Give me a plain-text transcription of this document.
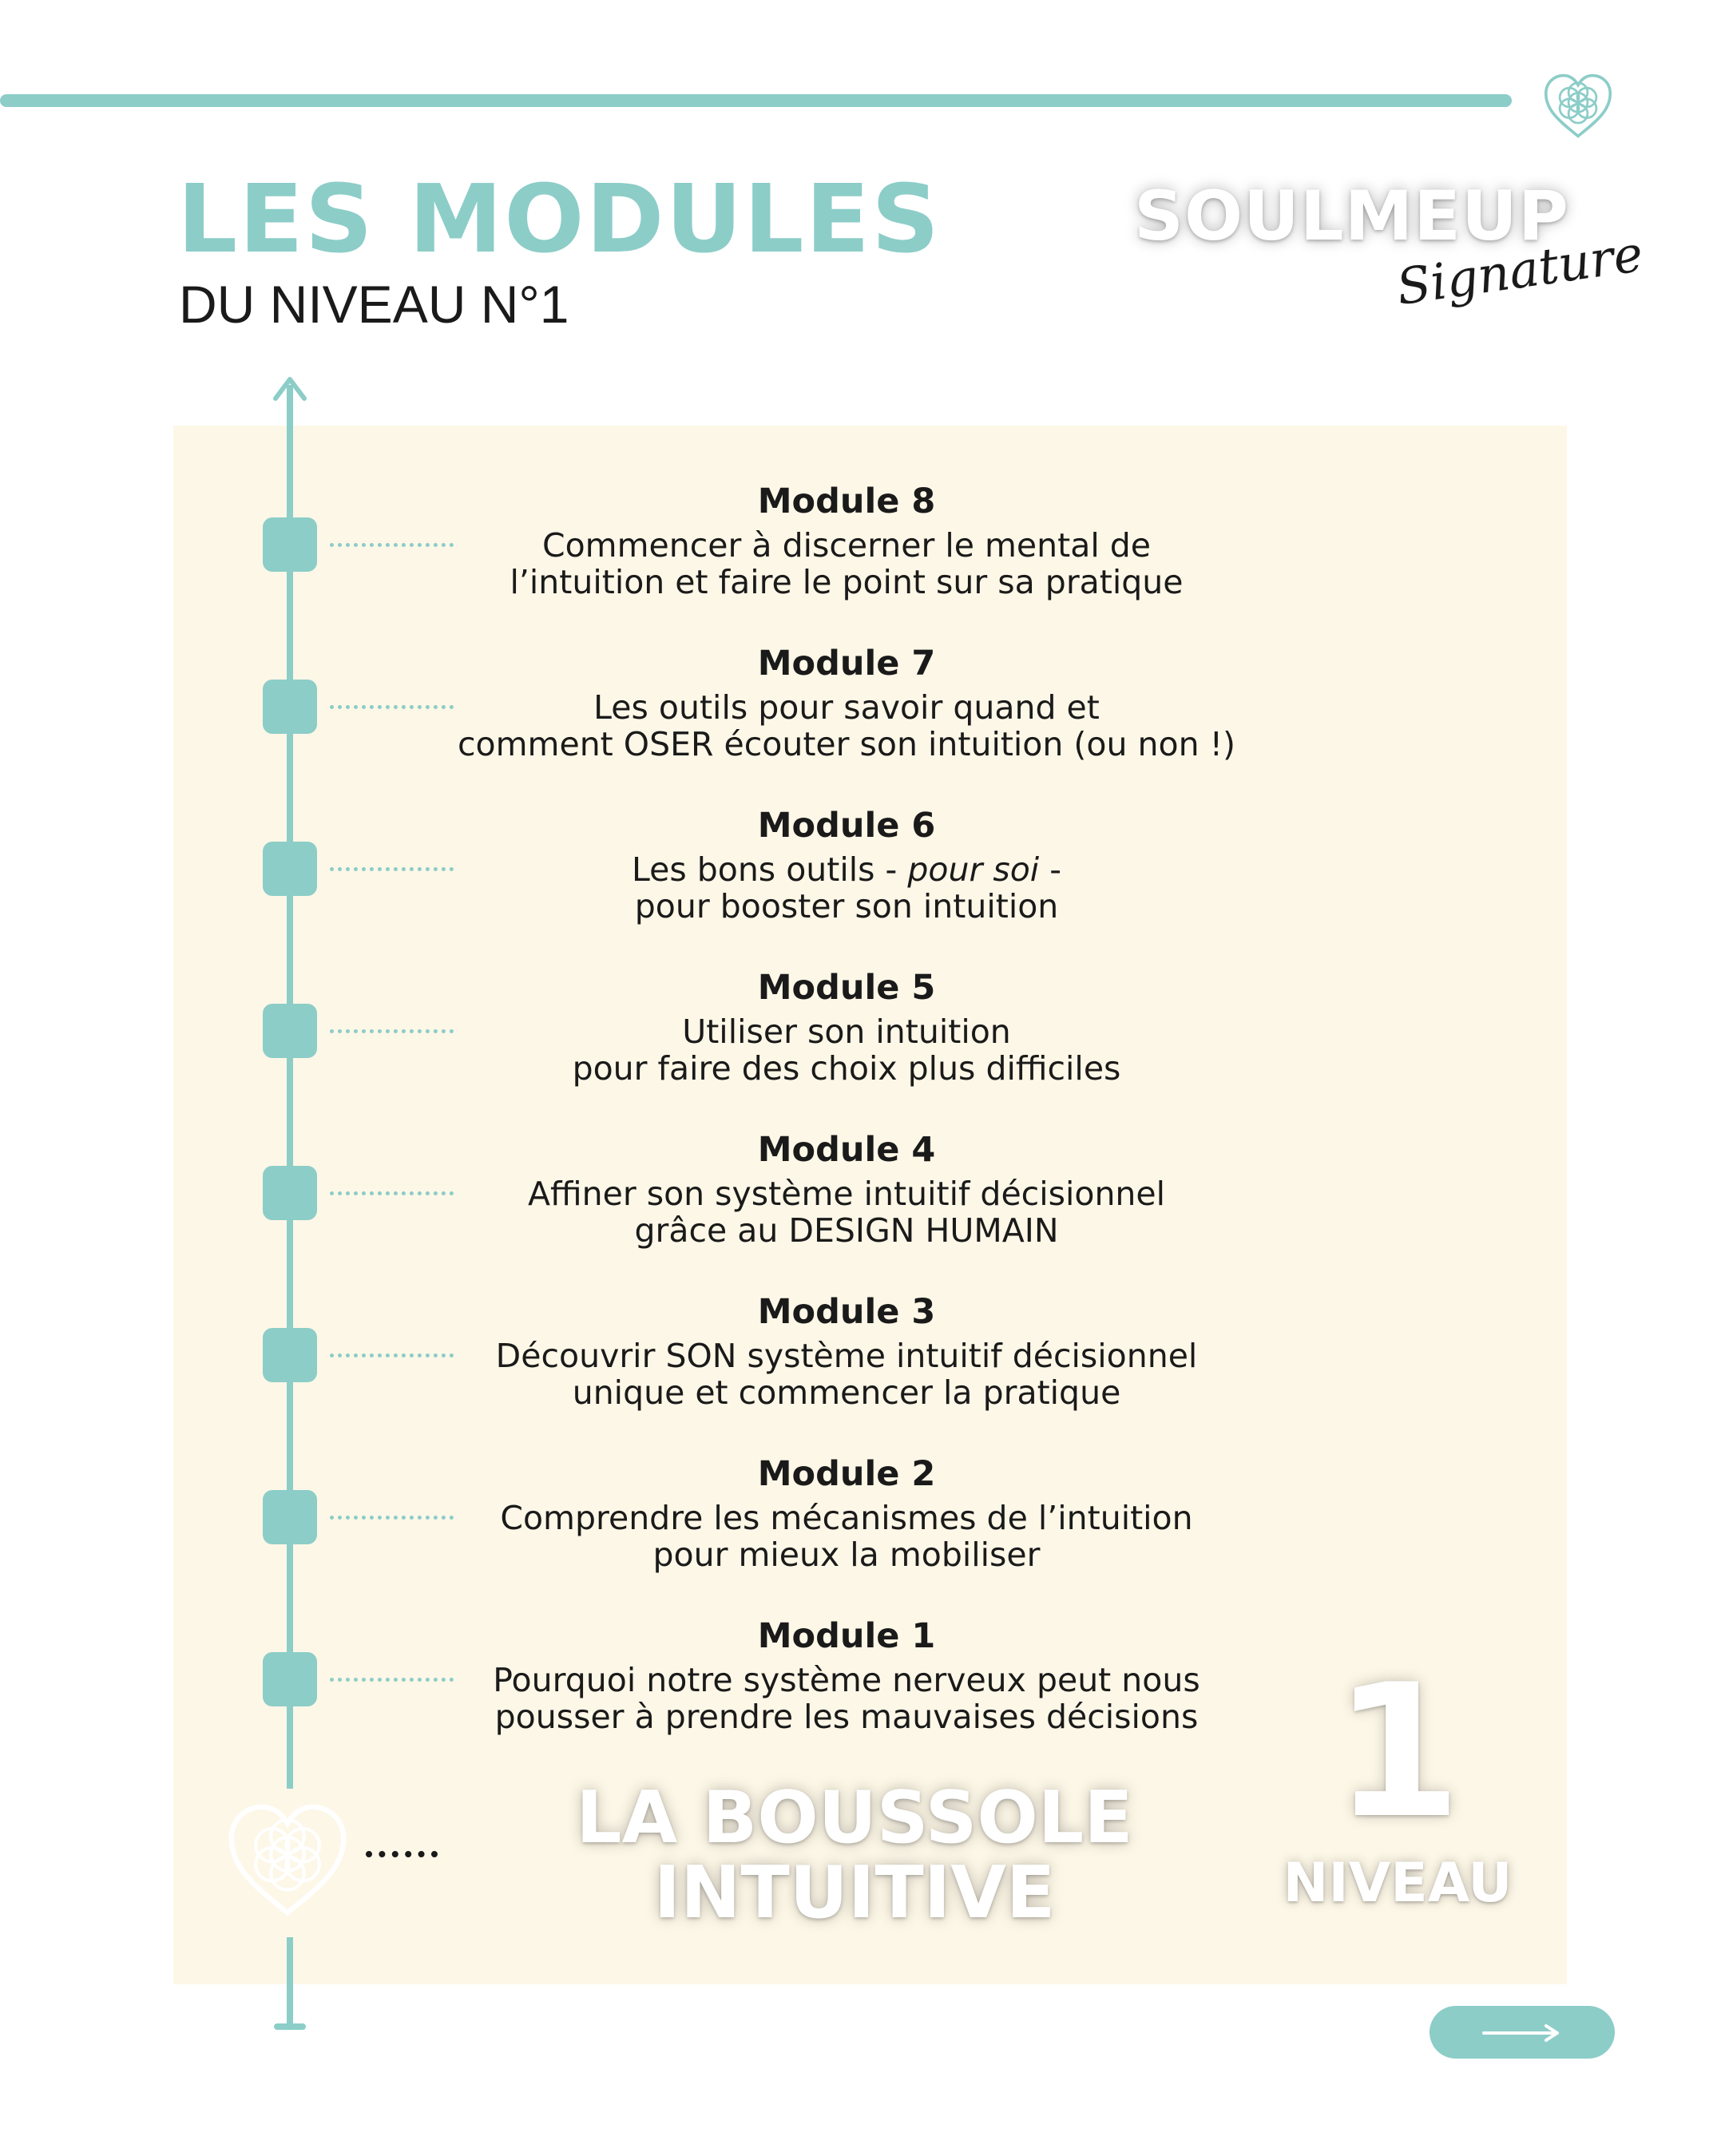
LES MODULES
DU NIVEAU N°1
SOULMEUP
Signature

Module 8

Commencer à discerner le mental de
l’intuition et faire le point sur sa pratique

Module 7

Les outils pour savoir quand et
comment OSER écouter son intuition (ou non !)

Module 6

Les bons outils - pour soi -
pour booster son intuition

Module 5

Utiliser son intuition
pour faire des choix plus difficiles

Module 4

Affiner son système intuitif décisionnel
grâce au DESIGN HUMAIN

Module 3

Découvrir SON système intuitif décisionnel
unique et commencer la pratique

Module 2

Comprendre les mécanismes de l’intuition
pour mieux la mobiliser

Module 1

Pourquoi notre système nerveux peut nous
pousser à prendre les mauvaises décisions

LA BOUSSOLE
INTUITIVE

1

NIVEAU
